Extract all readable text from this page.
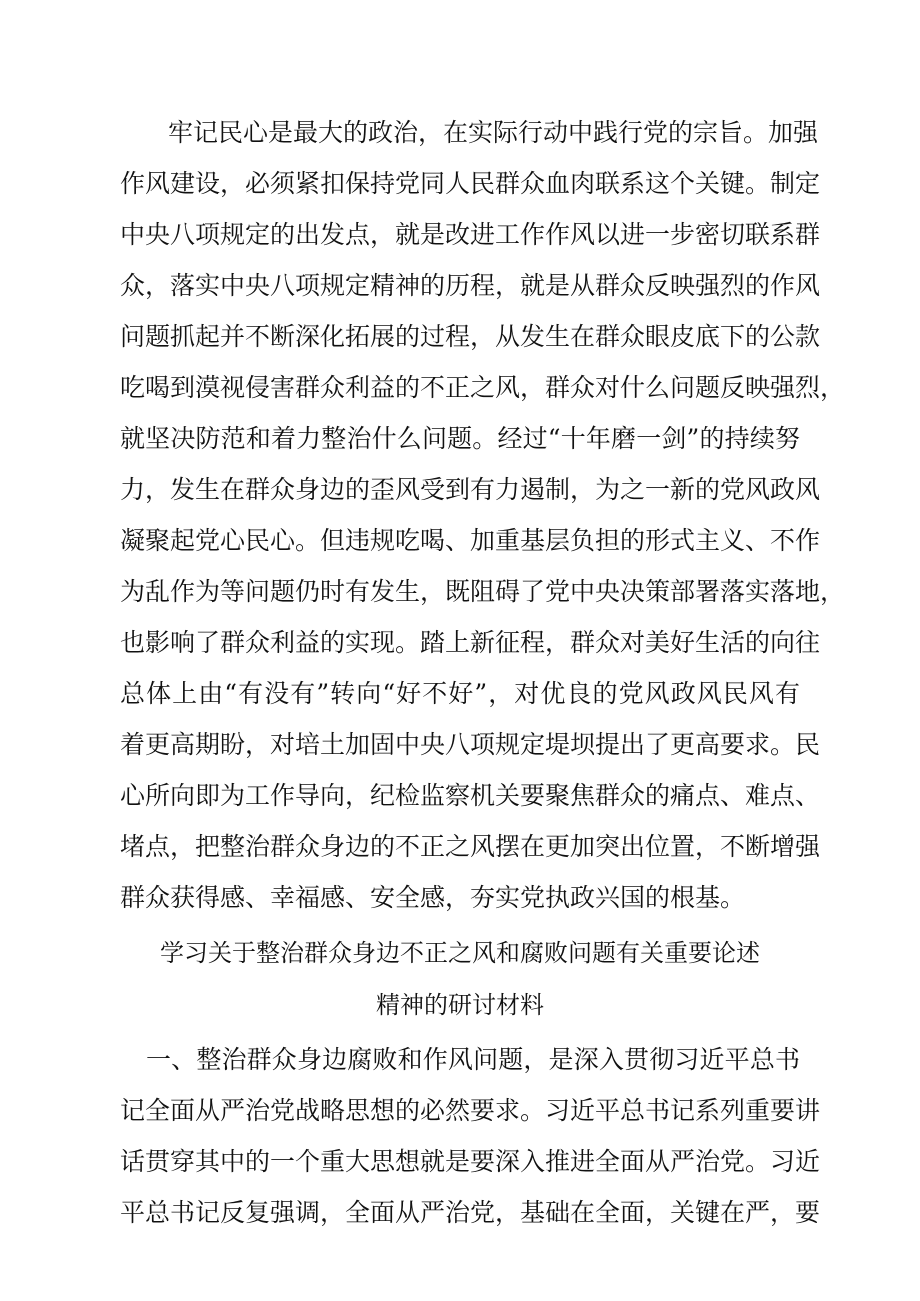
牢记民心是最大的政治，在实际行动中践行党的宗旨。加强
作风建设，必须紧扣保持党同人民群众血肉联系这个关键。制定
中央八项规定的出发点，就是改进工作作风以进一步密切联系群
众，落实中央八项规定精神的历程，就是从群众反映强烈的作风
问题抓起并不断深化拓展的过程，从发生在群众眼皮底下的公款
吃喝到漠视侵害群众利益的不正之风，群众对什么问题反映强烈，
就坚决防范和着力整治什么问题。经过“十年磨一剑”的持续努
力，发生在群众身边的歪风受到有力遏制，为之一新的党风政风
凝聚起党心民心。但违规吃喝、加重基层负担的形式主义、不作
为乱作为等问题仍时有发生，既阻碍了党中央决策部署落实落地，
也影响了群众利益的实现。踏上新征程，群众对美好生活的向往
总体上由“有没有”转向“好不好”，对优良的党风政风民风有
着更高期盼，对培土加固中央八项规定堤坝提出了更高要求。民
心所向即为工作导向，纪检监察机关要聚焦群众的痛点、难点、
堵点，把整治群众身边的不正之风摆在更加突出位置，不断增强
群众获得感、幸福感、安全感，夯实党执政兴国的根基。
学习关于整治群众身边不正之风和腐败问题有关重要论述
精神的研讨材料
一、整治群众身边腐败和作风问题，是深入贯彻习近平总书
记全面从严治党战略思想的必然要求。习近平总书记系列重要讲
话贯穿其中的一个重大思想就是要深入推进全面从严治党。习近
平总书记反复强调，全面从严治党，基础在全面，关键在严，要
